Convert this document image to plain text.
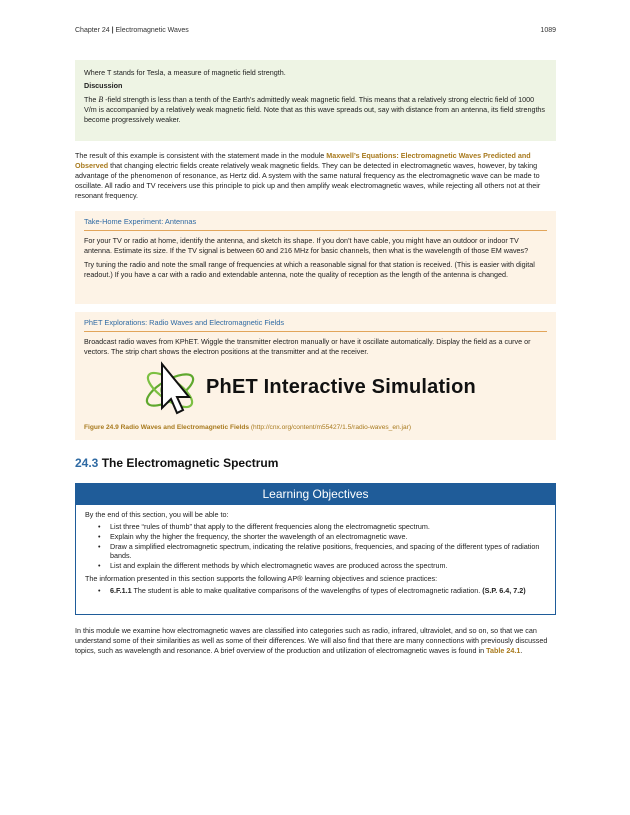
Chapter 24 | Electromagnetic Waves	1089

Where T stands for Tesla, a measure of magnetic field strength.

Discussion

The B -field strength is less than a tenth of the Earth’s admittedly weak magnetic field. This means that a relatively strong electric field of 1000 V/m is accompanied by a relatively weak magnetic field. Note that as this wave spreads out, say with distance from an antenna, its field strengths become progressively weaker.

The result of this example is consistent with the statement made in the module Maxwell’s Equations: Electromagnetic Waves Predicted and Observed that changing electric fields create relatively weak magnetic fields. They can be detected in electromagnetic waves, however, by taking advantage of the phenomenon of resonance, as Hertz did. A system with the same natural frequency as the electromagnetic wave can be made to oscillate. All radio and TV receivers use this principle to pick up and then amplify weak electromagnetic waves, while rejecting all others not at their resonant frequency.

Take-Home Experiment: Antennas

For your TV or radio at home, identify the antenna, and sketch its shape. If you don’t have cable, you might have an outdoor or indoor TV antenna. Estimate its size. If the TV signal is between 60 and 216 MHz for basic channels, then what is the wavelength of those EM waves?

Try tuning the radio and note the small range of frequencies at which a reasonable signal for that station is received. (This is easier with digital readout.) If you have a car with a radio and extendable antenna, note the quality of reception as the length of the antenna is changed.

PhET Explorations: Radio Waves and Electromagnetic Fields

Broadcast radio waves from KPhET. Wiggle the transmitter electron manually or have it oscillate automatically. Display the field as a curve or vectors. The strip chart shows the electron positions at the transmitter and at the receiver.

PhET Interactive Simulation
Figure 24.9 Radio Waves and Electromagnetic Fields (http://cnx.org/content/m55427/1.5/radio-waves_en.jar)
24.3 The Electromagnetic Spectrum
Learning Objectives

By the end of this section, you will be able to:

• List three “rules of thumb” that apply to the different frequencies along the electromagnetic spectrum.
• Explain why the higher the frequency, the shorter the wavelength of an electromagnetic wave.
• Draw a simplified electromagnetic spectrum, indicating the relative positions, frequencies, and spacing of the different types of radiation bands.
• List and explain the different methods by which electromagnetic waves are produced across the spectrum.

The information presented in this section supports the following AP® learning objectives and science practices:

• 6.F.1.1 The student is able to make qualitative comparisons of the wavelengths of types of electromagnetic radiation. (S.P. 6.4, 7.2)

In this module we examine how electromagnetic waves are classified into categories such as radio, infrared, ultraviolet, and so on, so that we can understand some of their similarities as well as some of their differences. We will also find that there are many connections with previously discussed topics, such as wavelength and resonance. A brief overview of the production and utilization of electromagnetic waves is found in Table 24.1.
